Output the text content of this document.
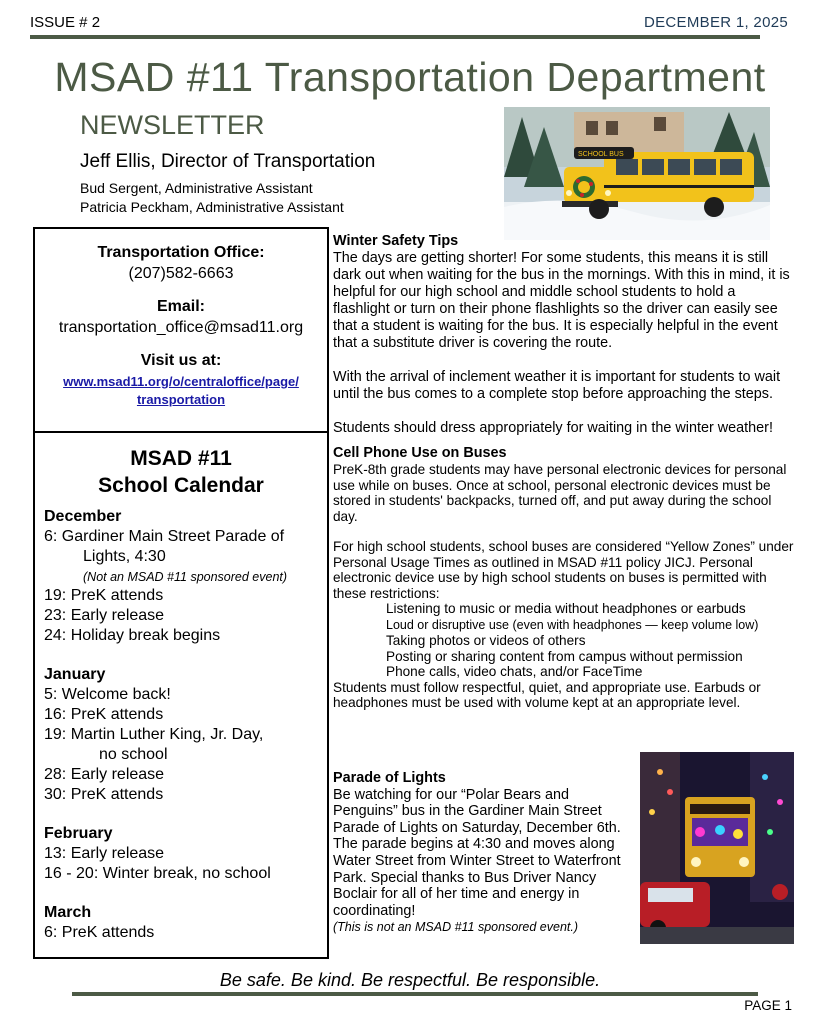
ISSUE # 2	DECEMBER 1, 2025
MSAD #11 Transportation Department
NEWSLETTER
Jeff Ellis, Director of Transportation
Bud Sergent, Administrative Assistant
Patricia Peckham, Administrative Assistant
SCHOOL BUS
Transportation Office:
(207)582-6663
Email:
transportation_office@msad11.org
Visit us at:
www.msad11.org/o/centraloffice/page/
transportation
MSAD #11
School Calendar
December
6: Gardiner Main Street Parade of
Lights, 4:30
(Not an MSAD #11 sponsored event)
19: PreK attends
23: Early release
24: Holiday break begins
January
5: Welcome back!
16: PreK attends
19: Martin Luther King, Jr. Day,
no school
28: Early release
30: PreK attends
February
13: Early release
16 - 20: Winter break, no school
March
6: PreK attends
Winter Safety Tips
The days are getting shorter! For some students, this means it is still dark out when waiting for the bus in the mornings. With this in mind, it is helpful for our high school and middle school students to hold a flashlight or turn on their phone flashlights so the driver can easily see that a student is waiting for the bus. It is especially helpful in the event that a substitute driver is covering the route.
With the arrival of inclement weather it is important for students to wait until the bus comes to a complete stop before approaching the steps.
Students should dress appropriately for waiting in the winter weather!
Cell Phone Use on Buses
PreK-8th grade students may have personal electronic devices for personal use while on buses. Once at school, personal electronic devices must be stored in students' backpacks, turned off, and put away during the school day.
For high school students, school buses are considered “Yellow Zones” under Personal Usage Times as outlined in MSAD #11 policy JICJ. Personal electronic device use by high school students on buses is permitted with these restrictions:
Listening to music or media without headphones or earbuds
Loud or disruptive use (even with headphones — keep volume low)
Taking photos or videos of others
Posting or sharing content from campus without permission
Phone calls, video chats, and/or FaceTime
Students must follow respectful, quiet, and appropriate use. Earbuds or headphones must be used with volume kept at an appropriate level.
Parade of Lights
Be watching for our “Polar Bears and Penguins” bus in the Gardiner Main Street Parade of Lights on Saturday, December 6th. The parade begins at 4:30 and moves along Water Street from Winter Street to Waterfront Park. Special thanks to Bus Driver Nancy Boclair for all of her time and energy in coordinating!
(This is not an MSAD #11 sponsored event.)
Be safe. Be kind. Be respectful. Be responsible.
PAGE 1
